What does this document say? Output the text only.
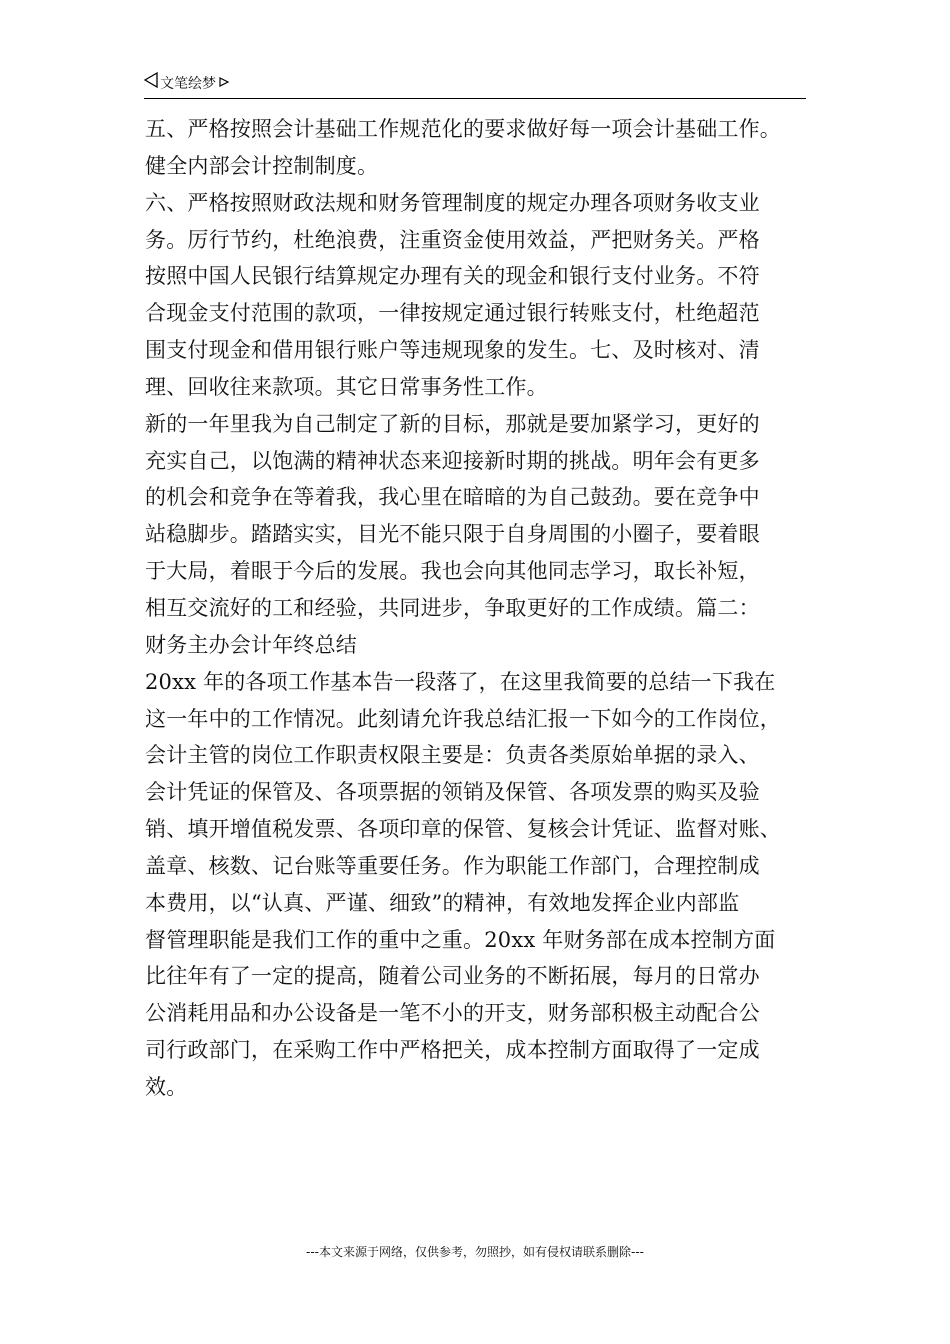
文笔绘梦
五、严格按照会计基础工作规范化的要求做好每一项会计基础工作。
健全内部会计控制制度。
六、严格按照财政法规和财务管理制度的规定办理各项财务收支业
务。厉行节约，杜绝浪费，注重资金使用效益，严把财务关。严格
按照中国人民银行结算规定办理有关的现金和银行支付业务。不符
合现金支付范围的款项，一律按规定通过银行转账支付，杜绝超范
围支付现金和借用银行账户等违规现象的发生。七、及时核对、清
理、回收往来款项。其它日常事务性工作。
新的一年里我为自己制定了新的目标，那就是要加紧学习，更好的
充实自己，以饱满的精神状态来迎接新时期的挑战。明年会有更多
的机会和竞争在等着我，我心里在暗暗的为自己鼓劲。要在竞争中
站稳脚步。踏踏实实，目光不能只限于自身周围的小圈子，要着眼
于大局，着眼于今后的发展。我也会向其他同志学习，取长补短，
相互交流好的工和经验，共同进步，争取更好的工作成绩。篇二：
财务主办会计年终总结
20xx 年的各项工作基本告一段落了，在这里我简要的总结一下我在
这一年中的工作情况。此刻请允许我总结汇报一下如今的工作岗位，
会计主管的岗位工作职责权限主要是：负责各类原始单据的录入、
会计凭证的保管及、各项票据的领销及保管、各项发票的购买及验
销、填开增值税发票、各项印章的保管、复核会计凭证、监督对账、
盖章、核数、记台账等重要任务。作为职能工作部门，合理控制成
本费用，以“认真、严谨、细致”的精神，有效地发挥企业内部监
督管理职能是我们工作的重中之重。20xx 年财务部在成本控制方面
比往年有了一定的提高，随着公司业务的不断拓展，每月的日常办
公消耗用品和办公设备是一笔不小的开支，财务部积极主动配合公
司行政部门，在采购工作中严格把关，成本控制方面取得了一定成
效。
---本文来源于网络，仅供参考，勿照抄，如有侵权请联系删除---
